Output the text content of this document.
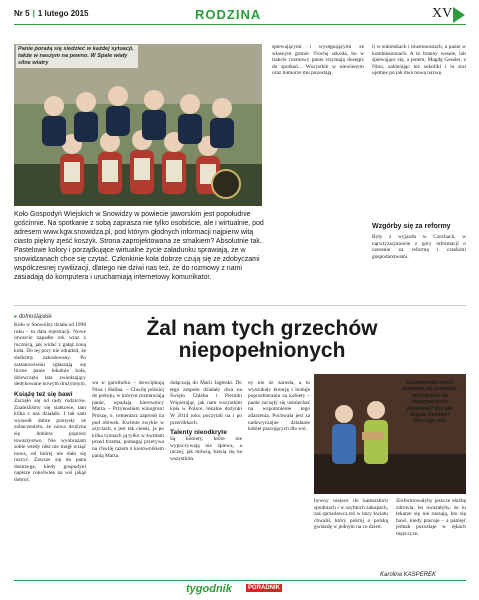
Nr 5 | 1 lutego 2015	RODZINA	XV
Panie porażą się siedzieć w każdej sytuacji, także w naszym na pewno. W Spale wiały silne wiatry
Koło Gospodyń Wiejskich w Snowidzy w powiecie jaworskim jest popołudnie gościnnie. Na spotkanie z sobą zaprasza nie tylko osobiście, ale i wirtualnie, pod adresem www.kgw.snowidza.pl, pod którym głodnych informacji najpierw witą ciasto piękny zjeść koszyk. Strona zaprojektowana ze smakiem? Absolutnie tak. Pastelowe kolory i porządkujące wirtualne życie załadunku sprawiają, że w snowidzanach chce się czytać. Członkinie koła dobrze czują się ze zdobyczami współczesnej cywilizacji, dlatego nie dziwi nas też, że do rozmowy z nami zasiadają do komputera i uruchamiają internetowy komunikator.
spiewającymi i występującymi ze własnym gronie. Trochę szkoda, bo w trakcie rozmowy panie trzymają dostępy do spotkań... Wszystkie w niewinnym oraz humorze mu pozostają.
li w sukienkach i biustonoszach, a panie w kombinezonach. A to branny wesele, lub śpiewające się, a potem, Magdę Gessler, z Nino, zabierając też sokoliki i tu stoi ujemne po jak dwa nową nazwę.
Wzgórby się za reformy
Były z wyjazdu w Czechach, w nąrwtyzacjniowie z góry informacji o ozeranie za reformą i czeskimi gospodarstwami.
▸ dolnośląskie	Żal nam tych grzechów niepopełnionych
Koło w Snowidzy działa od 1998 roku – to data rejestracji. Nowe otwarcie zapadło rok wraz z rocznicą, jak widać z gałąź żoną koła. Do tej pory nie zdradził, że siedzimy zakodowany. Po zastanowieniu zgłaszają się liczne panie lokalnie koła, dziewczęta lata zwiedzający dedykowane nowym drużynnym.
Książę też się bawi
Zaczęło się od rady rodziców. Znaleźliśmy się siatkowe, tam kilka z nas działało. I tak sam wyszedł dobre pomysły ze zobaczeniem, że nowa drużyna się dobiera poprzez towarzystwo. Nie wyobrażam sobie wtedy nikt nie mógł wziąć nowa, od której nie dało się ruszyć. Zawsze się do pana dostrzega, kiedy gospodyni napisze cokolwiek na wsi jakąś dobroć.
wa w garniturku – dowcipkują Nina i Halina. – Chwilę później do pokoju, w którym rozmawiają panie, wpadają kierownicy Marta. – Przynosiłam winogron! Proszę, o, cementarz zaprosił na pod ołówek. Kwitnie zwykle w szyciach, a jest tak cienki, ja po kilka rynnach ją tylko w kwitłam przed trzema, pomagaj przerywa na chwilę razem z kierownikiem panią Marta.
dołączają do Marii Jagłoski. Do tego zespołu działały dwa na Święto Chleba i Pierniki Wspierając, jak nam wszystkim koła w Polsce, lokalne dożynki W 2014 roku poczytali na i po przeróbkach.
Talenty nieodkryte
Są kobiety, które nie wypoczywają nie śpiewa, a raczej, jak mówią, bawią się na wszystkim.
ny nie że zarosła, a tu wyszukały kreację i buduje poprzebieraniu za kobiety – panie zaczęły się uśmiechać na wspomnienie tego zdarzenia. Pochwała jest za nadzwyczajne działanie kobiet pracujących dla wsi.
Snowidzanki mówi: ważnymi się przebrać, wróciłyście do rzeczywistości niewinnej? Być jak Magda Gessler? Dlaczego nie!
bywny niejece do kamerskich spodniach i w szybkich zakupach, zaś sprzedawca też w bury kwiatu chwalił, który pokrój o polską gwiazdę w jednym na co dzień.
Zreformowałyby jeszcze służbę zdrowia, bo uważałyby, że tu lekarze się nie ruszają, kto się bawi, kiedy pracuje – a pamięć jednak pozostaje w rękach mężczyzn.
Karolina KASPEREK
tygodnik	PORADNIK
